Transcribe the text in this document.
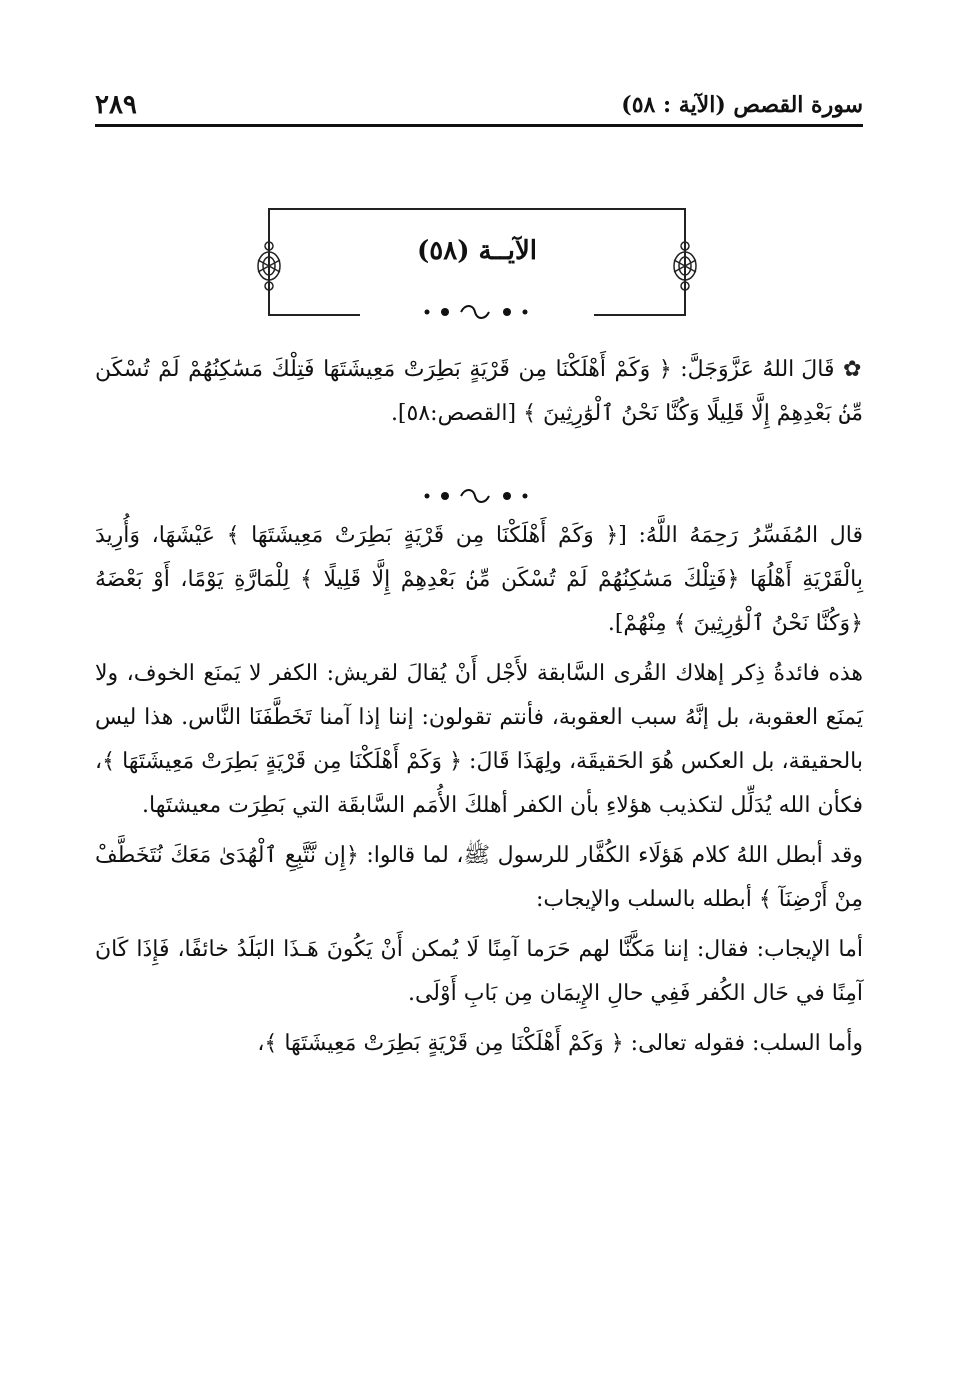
٢٨٩	سورة القصص (الآية : ٥٨)
الآيــة (٥٨)

✿ قَالَ اللهُ عَزَّوَجَلَّ: ﴿ وَكَمْ أَهْلَكْنَا مِن قَرْيَةٍ بَطِرَتْ مَعِيشَتَهَا فَتِلْكَ مَسَٰكِنُهُمْ لَمْ تُسْكَن مِّنۢ بَعْدِهِمْ إِلَّا قَلِيلًا وَكُنَّا نَحْنُ ٱلْوَٰرِثِينَ ﴾ [القصص:٥٨].

قال المُفَسِّرُ رَحِمَهُ اللَّهُ: [﴿ وَكَمْ أَهْلَكْنَا مِن قَرْيَةٍ بَطِرَتْ مَعِيشَتَهَا ﴾ عَيْشَهَا، وَأُرِيدَ بِالْقَرْيَةِ أَهْلُهَا ﴿فَتِلْكَ مَسَٰكِنُهُمْ لَمْ تُسْكَن مِّنۢ بَعْدِهِمْ إِلَّا قَلِيلًا ﴾ لِلْمَارَّةِ يَوْمًا، أَوْ بَعْضَهُ ﴿وَكُنَّا نَحْنُ ٱلْوَٰرِثِينَ ﴾ مِنْهُمْ].

هذه فائدةُ ذِكر إهلاك القُرى السَّابقة لأَجْل أَنْ يُقالَ لقريش: الكفر لا يَمنَع الخوف، ولا يَمنَع العقوبة، بل إنَّهُ سبب العقوبة، فأنتم تقولون: إننا إذا آمنا تَخَطَّفَنَا النَّاس. هذا ليس بالحقيقة، بل العكس هُوَ الحَقيقَة، ولِهَذَا قَالَ: ﴿ وَكَمْ أَهْلَكْنَا مِن قَرْيَةٍ بَطِرَتْ مَعِيشَتَهَا ﴾، فكأن الله يُدَلِّل لتكذيب هؤلاءِ بأن الكفر أهلكَ الأُمَم السَّابقَة التي بَطِرَت معيشتَها.

وقد أبطل اللهُ كلام هَؤلَاء الكُفَّار للرسول ﷺ، لما قالوا: ﴿إِن نَّتَّبِعِ ٱلْهُدَىٰ مَعَكَ نُتَخَطَّفْ مِنْ أَرْضِنَآ ﴾ أبطله بالسلب والإيجاب:

أما الإيجاب: فقال: إننا مَكَّنَّا لهم حَرَما آمِنًا لَا يُمكن أَنْ يَكُونَ هَـذَا البَلَدُ خائفًا، فَإِذَا كَانَ آمِنًا في حَال الكُفر فَفِي حالِ الإِيمَان مِن بَابِ أَوْلَى.

وأما السلب: فقوله تعالى: ﴿ وَكَمْ أَهْلَكْنَا مِن قَرْيَةٍ بَطِرَتْ مَعِيشَتَهَا ﴾،
